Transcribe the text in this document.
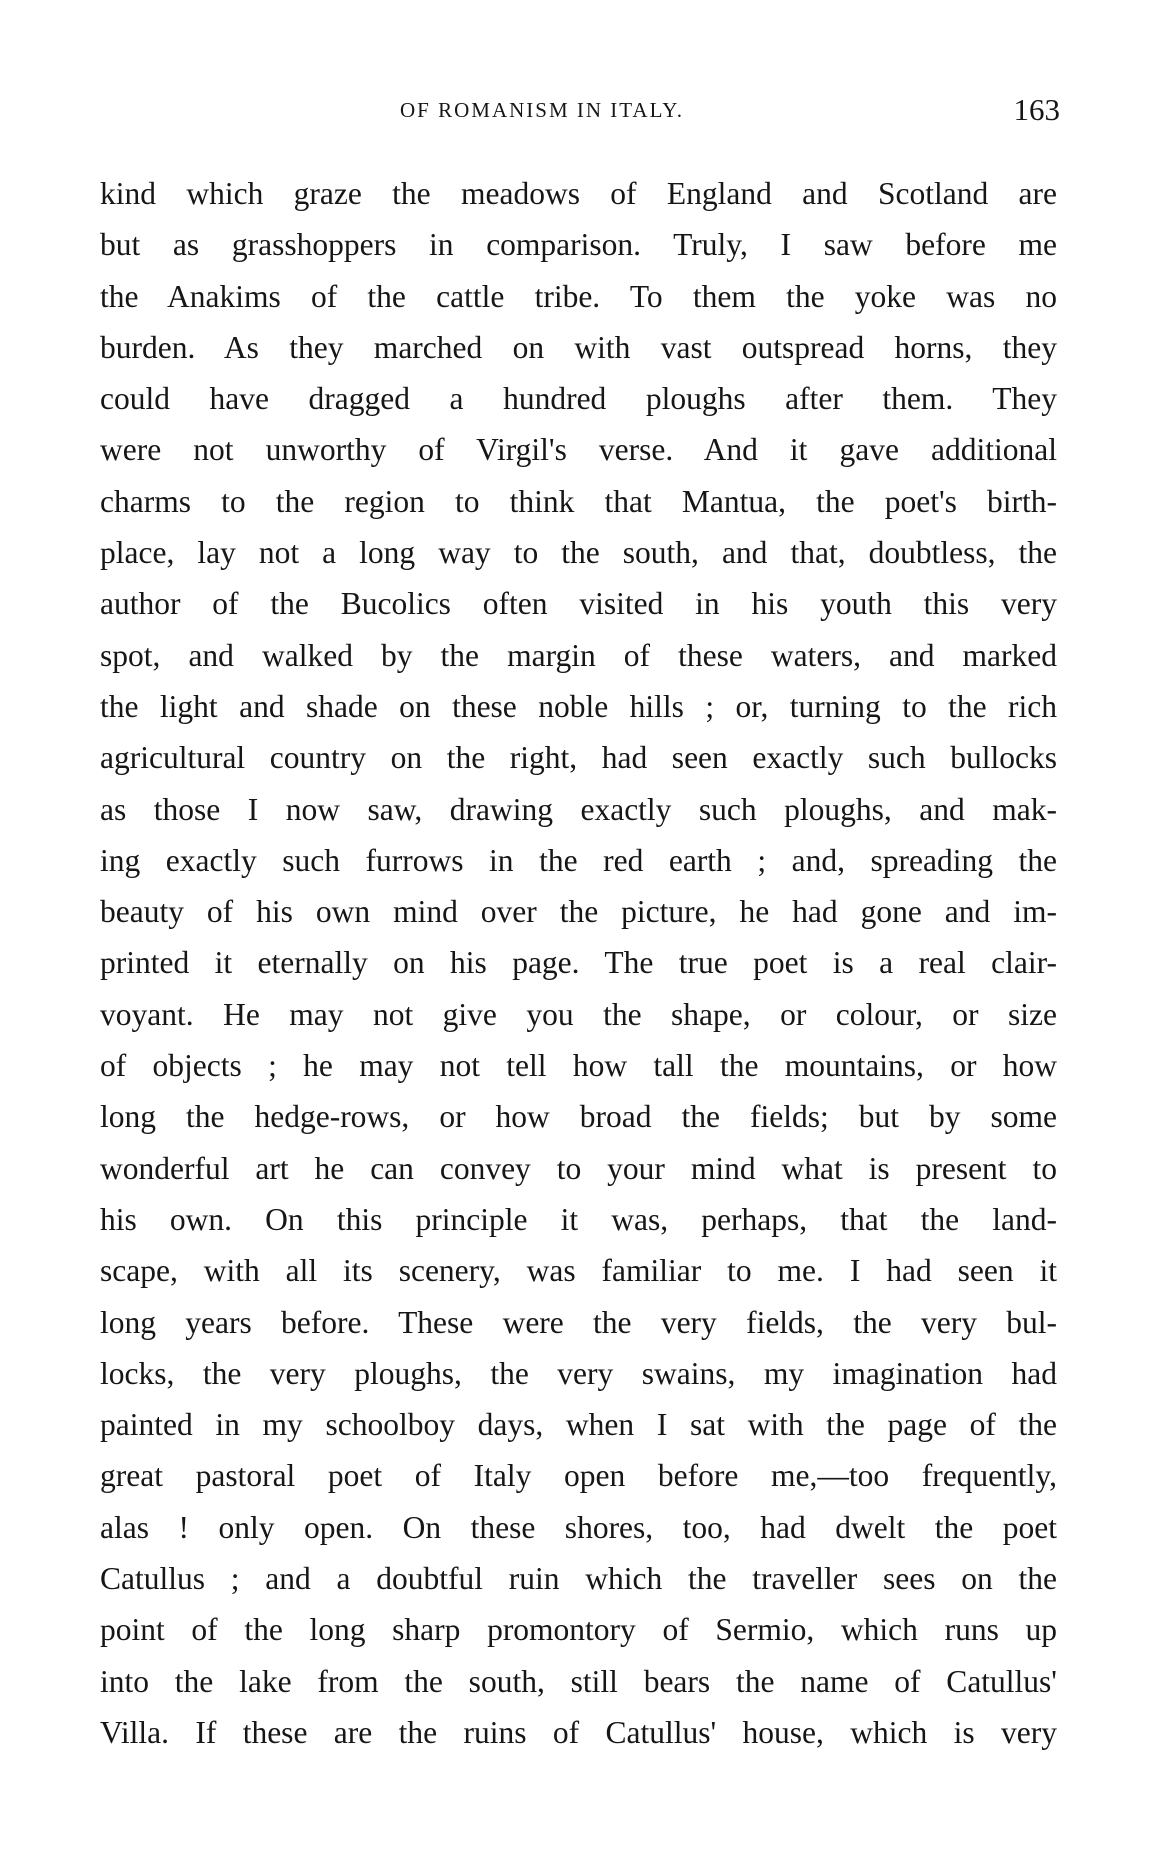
OF ROMANISM IN ITALY.	163
kind which graze the meadows of England and Scotland are
but as grasshoppers in comparison. Truly, I saw before me
the Anakims of the cattle tribe. To them the yoke was no
burden. As they marched on with vast outspread horns, they
could have dragged a hundred ploughs after them. They
were not unworthy of Virgil's verse. And it gave additional
charms to the region to think that Mantua, the poet's birth-
place, lay not a long way to the south, and that, doubtless, the
author of the Bucolics often visited in his youth this very
spot, and walked by the margin of these waters, and marked
the light and shade on these noble hills ; or, turning to the rich
agricultural country on the right, had seen exactly such bullocks
as those I now saw, drawing exactly such ploughs, and mak-
ing exactly such furrows in the red earth ; and, spreading the
beauty of his own mind over the picture, he had gone and im-
printed it eternally on his page. The true poet is a real clair-
voyant. He may not give you the shape, or colour, or size
of objects ; he may not tell how tall the mountains, or how
long the hedge-rows, or how broad the fields; but by some
wonderful art he can convey to your mind what is present to
his own. On this principle it was, perhaps, that the land-
scape, with all its scenery, was familiar to me. I had seen it
long years before. These were the very fields, the very bul-
locks, the very ploughs, the very swains, my imagination had
painted in my schoolboy days, when I sat with the page of the
great pastoral poet of Italy open before me,—too frequently,
alas ! only open. On these shores, too, had dwelt the poet
Catullus ; and a doubtful ruin which the traveller sees on the
point of the long sharp promontory of Sermio, which runs up
into the lake from the south, still bears the name of Catullus'
Villa. If these are the ruins of Catullus' house, which is very
